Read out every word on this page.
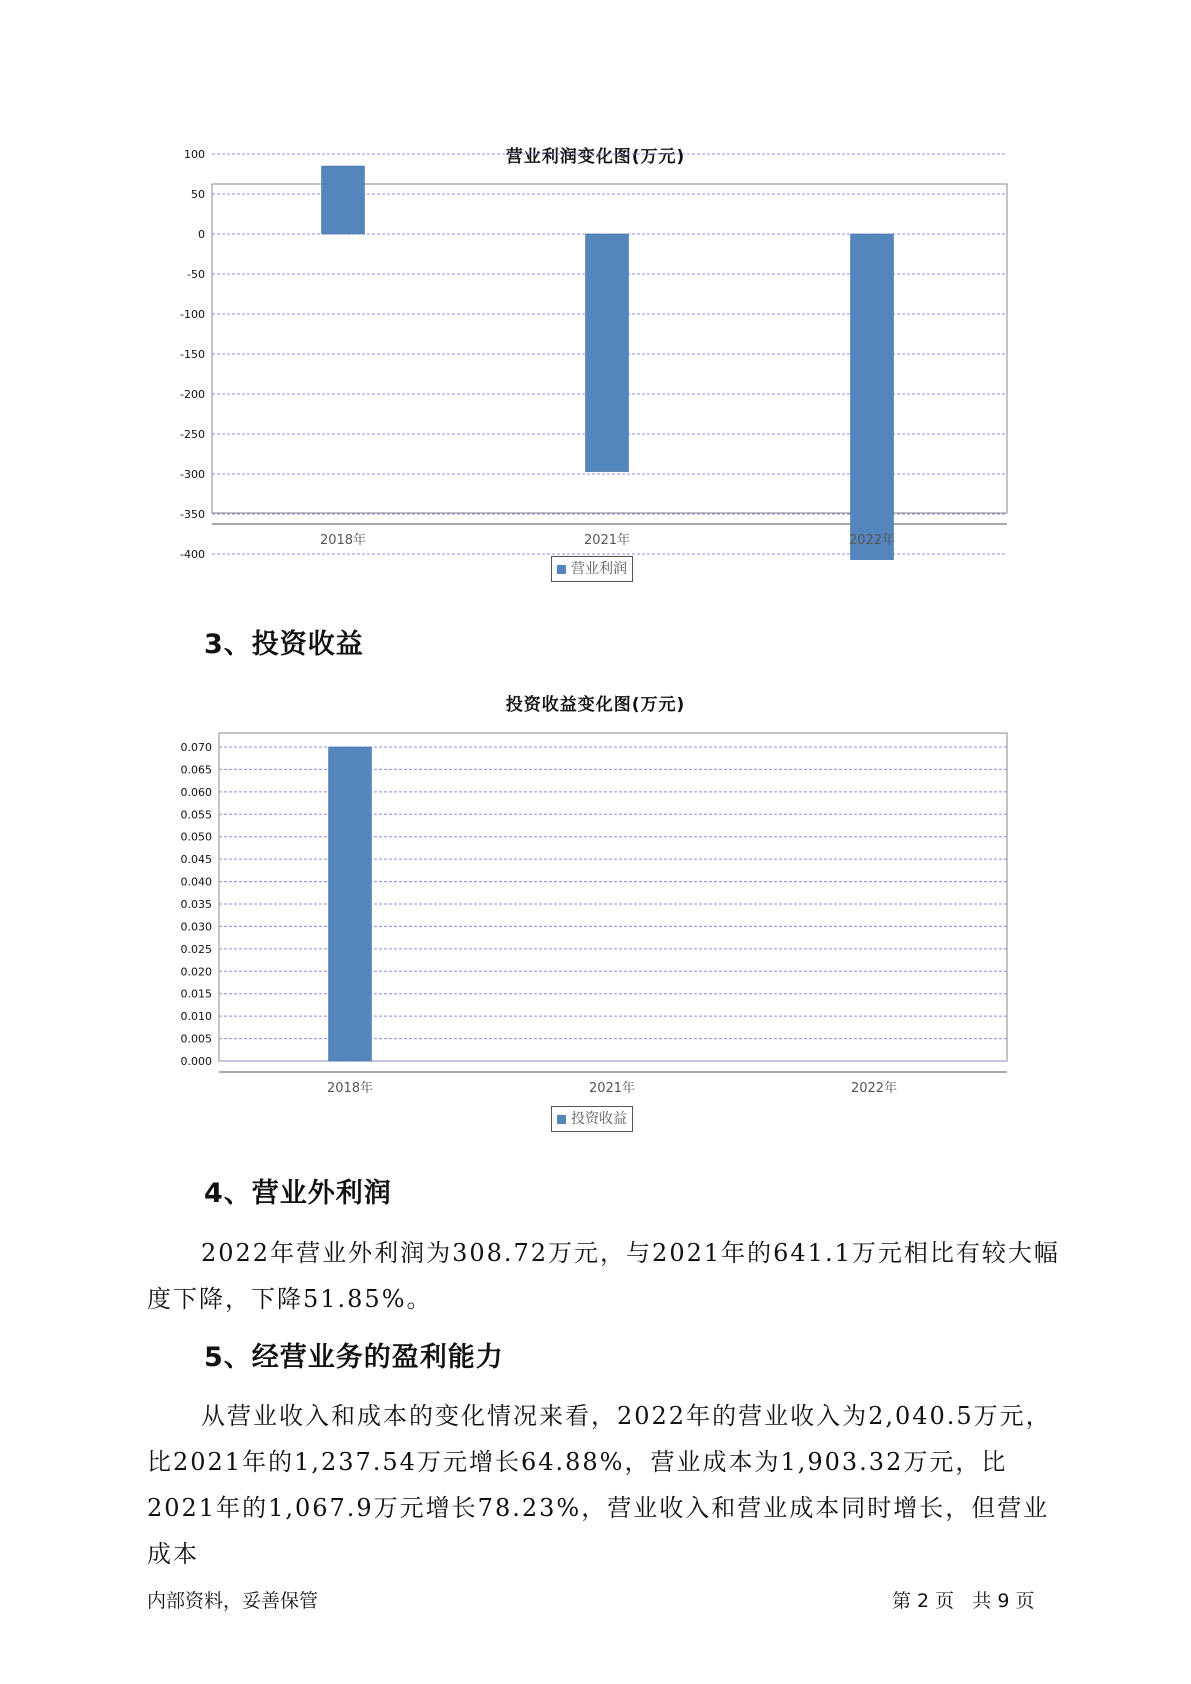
营业利润变化图(万元)
100
50
0
-50
-100
-150
-200
-250
-300
-350
-400
2018年	2021年	2022年
营业利润
3、投资收益
投资收益变化图(万元)
0.070
0.065
0.060
0.055
0.050
0.045
0.040
0.035
0.030
0.025
0.020
0.015
0.010
0.005
0.000
2018年	2021年	2022年
投资收益
4、营业外利润

2022年营业外利润为308.72万元，与2021年的641.1万元相比有较大幅度下降，下降51.85%。

5、经营业务的盈利能力

从营业收入和成本的变化情况来看，2022年的营业收入为2,040.5万元，比2021年的1,237.54万元增长64.88%，营业成本为1,903.32万元，比2021年的1,067.9万元增长78.23%，营业收入和营业成本同时增长，但营业成本

内部资料，妥善保管	第 2 页   共 9 页
